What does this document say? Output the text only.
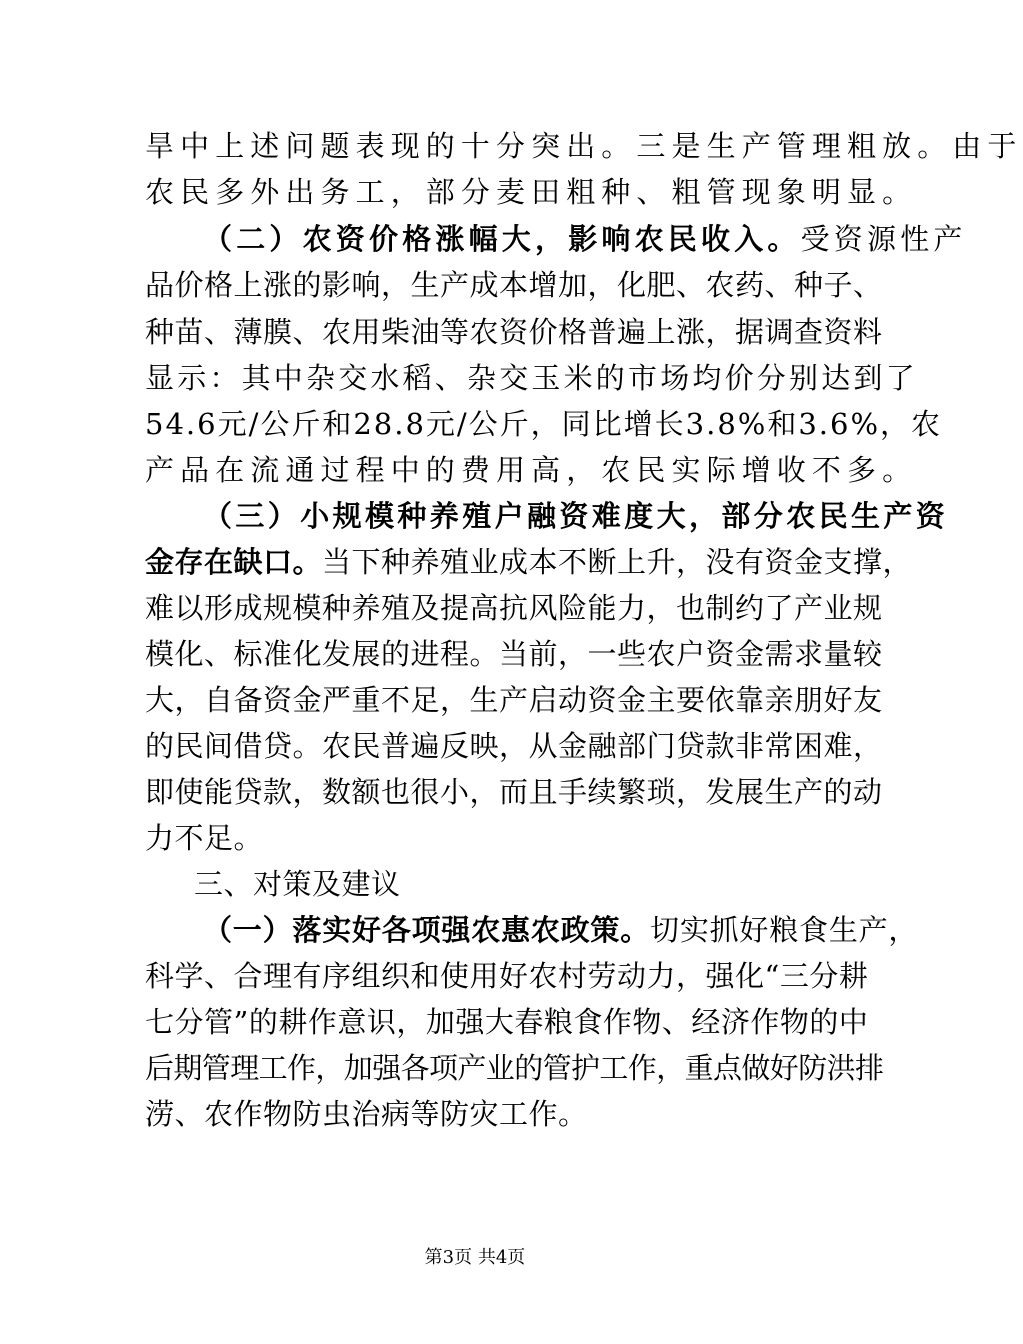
旱中上述问题表现的十分突出。三是生产管理粗放。由于
农民多外出务工，部分麦田粗种、粗管现象明显。
（二）农资价格涨幅大，影响农民收入。受资源性产
品价格上涨的影响，生产成本增加，化肥、农药、种子、
种苗、薄膜、农用柴油等农资价格普遍上涨，据调查资料
显示：其中杂交水稻、杂交玉米的市场均价分别达到了
54.6元/公斤和28.8元/公斤，同比增长3.8%和3.6%，农
产品在流通过程中的费用高，农民实际增收不多。
（三）小规模种养殖户融资难度大，部分农民生产资
金存在缺口。当下种养殖业成本不断上升，没有资金支撑，
难以形成规模种养殖及提高抗风险能力，也制约了产业规
模化、标准化发展的进程。当前，一些农户资金需求量较
大，自备资金严重不足，生产启动资金主要依靠亲朋好友
的民间借贷。农民普遍反映，从金融部门贷款非常困难，
即使能贷款，数额也很小，而且手续繁琐，发展生产的动
力不足。
三、对策及建议
（一）落实好各项强农惠农政策。切实抓好粮食生产，
科学、合理有序组织和使用好农村劳动力，强化“三分耕
七分管”的耕作意识，加强大春粮食作物、经济作物的中
后期管理工作，加强各项产业的管护工作，重点做好防洪排
涝、农作物防虫治病等防灾工作。
第3页 共4页
